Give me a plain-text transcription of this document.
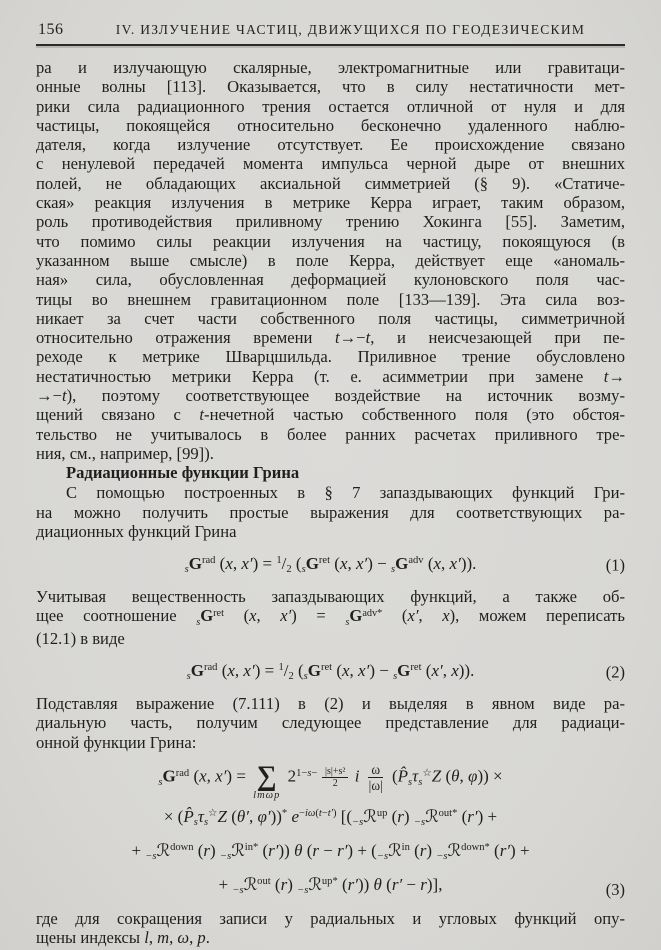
156	IV. ИЗЛУЧЕНИЕ ЧАСТИЦ, ДВИЖУЩИХСЯ ПО ГЕОДЕЗИЧЕСКИМ
ра и излучающую скалярные, электромагнитные или гравитаци-
онные волны [113]. Оказывается, что в силу нестатичности мет-
рики сила радиационного трения остается отличной от нуля и для
частицы, покоящейся относительно бесконечно удаленного наблю-
дателя, когда излучение отсутствует. Ее происхождение связано
с ненулевой передачей момента импульса черной дыре от внешних
полей, не обладающих аксиальной симметрией (§ 9). «Статиче-
ская» реакция излучения в метрике Керра играет, таким образом,
роль противодействия приливному трению Хокинга [55]. Заметим,
что помимо силы реакции излучения на частицу, покоящуюся (в
указанном выше смысле) в поле Керра, действует еще «аномаль-
ная» сила, обусловленная деформацией кулоновского поля час-
тицы во внешнем гравитационном поле [133—139]. Эта сила воз-
никает за счет части собственного поля частицы, симметричной
относительно отражения времени t→−t, и неисчезающей при пе-
реходе к метрике Шварцшильда. Приливное трение обусловлено
нестатичностью метрики Керра (т. е. асимметрии при замене t→
→−t), поэтому соответствующее воздействие на источник возму-
щений связано с t-нечетной частью собственного поля (это обстоя-
тельство не учитывалось в более ранних расчетах приливного тре-
ния, см., например, [99]).
Радиационные функции Грина
С помощью построенных в § 7 запаздывающих функций Гри-
на можно получить простые выражения для соответствующих ра-
диационных функций Грина
$sG^{rad}$ (x, x′) = $^1$/2 ($sG^{ret}$ (x, $x') - sG^{adv}$ (x, x′)).	(1)
Учитывая вещественность запаздывающих функций, а также об-
щее соотношение $sG^{ret}$ (x, $x') = sG^{adv*}$ (x′, x), можем переписать
(12.1) в виде
$sG^{rad}$ (x, x′) = $^1$/2 ($sG^{ret}$ (x, $x') - sG^{ret}$ (x′, x)).	(2)
Подставляя выражение (7.111) в (2) и выделяя в явном виде ра-
диальную часть, получим следующее представление для радиаци-
онной функции Грина:
$sG^{rad}$ (x, x′) = ∑
lmωp
$2^{1-s- \frac{\text{|s|+s²}}{2}}$ i $\frac{\omega}{|\omega|}$ (P̂sτs☆Z (θ, φ)) ×
× (P̂sτs☆Z (θ′, φ′))* $e^{-i\omega(t-t')}$ [(−sℛ$^{up}$ (r) −sℛ$^{out*}$ (r′) +
+ −sℛ$^{down}$ (r) −sℛ$^{in*}$ (r′)) θ (r − r′) + (−sℛ$^{in}$ (r) −sℛ$^{down*}$ (r′) +
+ −sℛ$^{out}$ (r) −sℛ$^{up*}$ (r′)) θ (r′ − r)],	(3)
где для сокращения записи у радиальных и угловых функций опу-
щены индексы l, m, ω, p.
